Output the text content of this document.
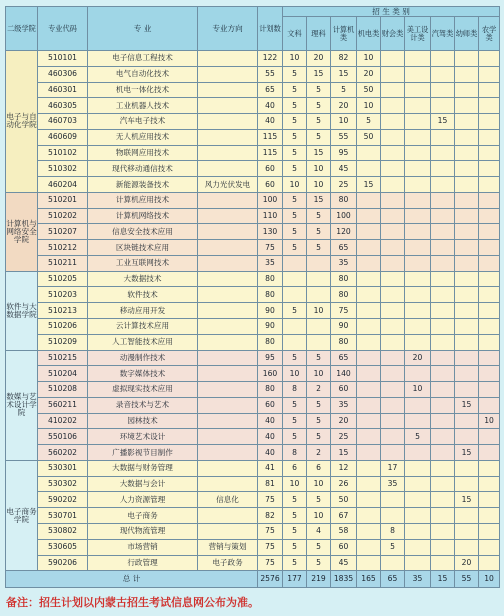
二级学院	专业代码	专 业	专业方向	计划数	招 生 类 别								
					文科	理科	计算机类	机电类	财会类	美工设计类	汽驾类	幼师类	农学类
电子与自动化学院	510101	电子信息工程技术		122	10	20	82	10					
	460306	电气自动化技术		55	5	15	15	20					
	460301	机电一体化技术		65	5	5	5	50					
	460305	工业机器人技术		40	5	5	20	10					
	460703	汽车电子技术		40	5	5	10	5			15		
	460609	无人机应用技术		115	5	5	55	50					
	510102	物联网应用技术		115	5	15	95						
	510302	现代移动通信技术		60	5	10	45						
	460204	新能源装备技术	风力光伏发电	60	10	10	25	15					
计算机与网络安全学院	510201	计算机应用技术		100	5	15	80						
	510202	计算机网络技术		110	5	5	100						
	510207	信息安全技术应用		130	5	5	120						
	510212	区块链技术应用		75	5	5	65						
	510211	工业互联网技术		35			35						
软件与大数据学院	510205	大数据技术		80			80						
	510203	软件技术		80			80						
	510213	移动应用开发		90	5	10	75						
	510206	云计算技术应用		90			90						
	510209	人工智能技术应用		80			80						
数媒与艺术设计学院	510215	动漫制作技术		95	5	5	65			20			
	510204	数字媒体技术		160	10	10	140						
	510208	虚拟现实技术应用		80	8	2	60			10			
	560211	录音技术与艺术		60	5	5	35					15	
	410202	园林技术		40	5	5	20						10
	550106	环境艺术设计		40	5	5	25			5			
	560202	广播影视节目制作		40	8	2	15					15	
电子商务学院	530301	大数据与财务管理		41	6	6	12		17				
	530302	大数据与会计		81	10	10	26		35				
	590202	人力资源管理	信息化	75	5	5	50					15	
	530701	电子商务		82	5	10	67						
	530802	现代物流管理		75	5	4	58		8				
	530605	市场营销	营销与策划	75	5	5	60		5				
	590206	行政管理	电子政务	75	5	5	45					20	
总 计				2576	177	219	1835	165	65	35	15	55	10
备注：招生计划以内蒙古招生考试信息网公布为准。
